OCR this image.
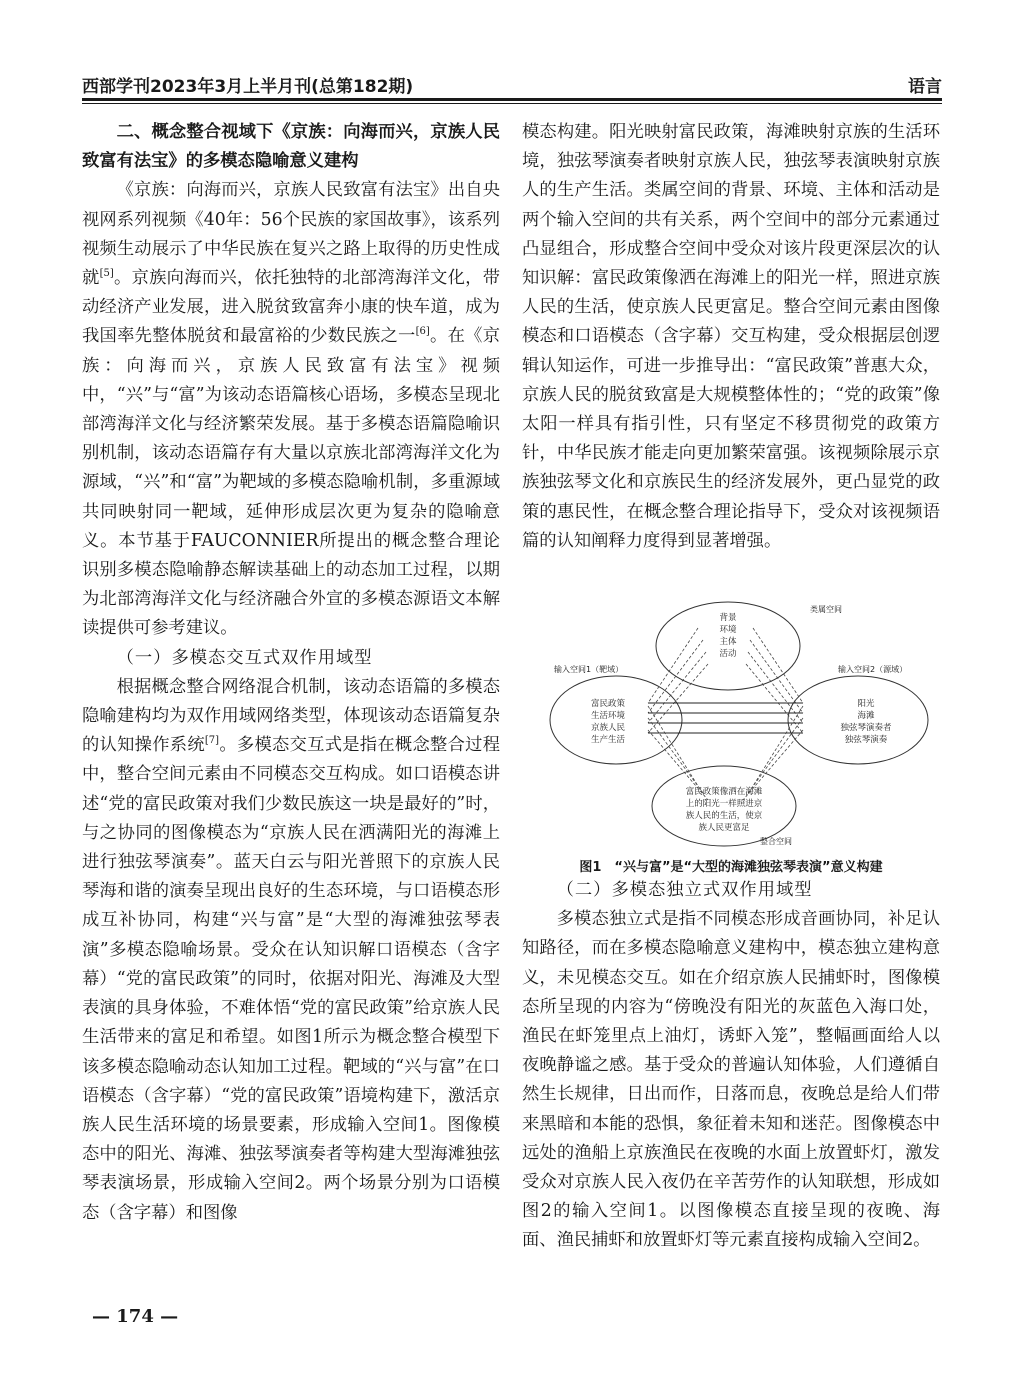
西部学刊2023年3月上半月刊(总第182期)	语言
二、概念整合视域下《京族：向海而兴，京族人民致富有法宝》的多模态隐喻意义建构

《京族：向海而兴，京族人民致富有法宝》出自央视网系列视频《40年：56个民族的家国故事》，该系列视频生动展示了中华民族在复兴之路上取得的历史性成就[5]。京族向海而兴，依托独特的北部湾海洋文化，带动经济产业发展，进入脱贫致富奔小康的快车道，成为我国率先整体脱贫和最富裕的少数民族之一[6]。在《京族：向海而兴，京族人民致富有法宝》视频中，“兴”与“富”为该动态语篇核心语场，多模态呈现北部湾海洋文化与经济繁荣发展。基于多模态语篇隐喻识别机制，该动态语篇存有大量以京族北部湾海洋文化为源域，“兴”和“富”为靶域的多模态隐喻机制，多重源域共同映射同一靶域，延伸形成层次更为复杂的隐喻意义。本节基于FAUCONNIER所提出的概念整合理论识别多模态隐喻静态解读基础上的动态加工过程，以期为北部湾海洋文化与经济融合外宣的多模态源语文本解读提供可参考建议。

（一）多模态交互式双作用域型

根据概念整合网络混合机制，该动态语篇的多模态隐喻建构均为双作用域网络类型，体现该动态语篇复杂的认知操作系统[7]。多模态交互式是指在概念整合过程中，整合空间元素由不同模态交互构成。如口语模态讲述“党的富民政策对我们少数民族这一块是最好的”时，与之协同的图像模态为“京族人民在洒满阳光的海滩上进行独弦琴演奏”。蓝天白云与阳光普照下的京族人民琴海和谐的演奏呈现出良好的生态环境，与口语模态形成互补协同，构建“兴与富”是“大型的海滩独弦琴表演”多模态隐喻场景。受众在认知识解口语模态（含字幕）“党的富民政策”的同时，依据对阳光、海滩及大型表演的具身体验，不难体悟“党的富民政策”给京族人民生活带来的富足和希望。如图1所示为概念整合模型下该多模态隐喻动态认知加工过程。靶域的“兴与富”在口语模态（含字幕）“党的富民政策”语境构建下，激活京族人民生活环境的场景要素，形成输入空间1。图像模态中的阳光、海滩、独弦琴演奏者等构建大型海滩独弦琴表演场景，形成输入空间2。两个场景分别为口语模态（含字幕）和图像

模态构建。阳光映射富民政策，海滩映射京族的生活环境，独弦琴演奏者映射京族人民，独弦琴表演映射京族人的生产生活。类属空间的背景、环境、主体和活动是两个输入空间的共有关系，两个空间中的部分元素通过凸显组合，形成整合空间中受众对该片段更深层次的认知识解：富民政策像洒在海滩上的阳光一样，照进京族人民的生活，使京族人民更富足。整合空间元素由图像模态和口语模态（含字幕）交互构建，受众根据层创逻辑认知运作，可进一步推导出：“富民政策”普惠大众，京族人民的脱贫致富是大规模整体性的；“党的政策”像太阳一样具有指引性，只有坚定不移贯彻党的政策方针，中华民族才能走向更加繁荣富强。该视频除展示京族独弦琴文化和京族民生的经济发展外，更凸显党的政策的惠民性，在概念整合理论指导下，受众对该视频语篇的认知阐释力度得到显著增强。

类属空间
背景
环境
主体
活动
输入空间1（靶域）
富民政策
生活环境
京族人民
生产生活
输入空间2（源域）
阳光
海滩
独弦琴演奏者
独弦琴演奏
富民政策像洒在海滩
上的阳光一样照进京
族人民的生活，使京
族人民更富足
整合空间
图1　“兴与富”是“大型的海滩独弦琴表演”意义构建
（二）多模态独立式双作用域型

多模态独立式是指不同模态形成音画协同，补足认知路径，而在多模态隐喻意义建构中，模态独立建构意义，未见模态交互。如在介绍京族人民捕虾时，图像模态所呈现的内容为“傍晚没有阳光的灰蓝色入海口处，渔民在虾笼里点上油灯，诱虾入笼”，整幅画面给人以夜晚静谧之感。基于受众的普遍认知体验，人们遵循自然生长规律，日出而作，日落而息，夜晚总是给人们带来黑暗和本能的恐惧，象征着未知和迷茫。图像模态中远处的渔船上京族渔民在夜晚的水面上放置虾灯，激发受众对京族人民入夜仍在辛苦劳作的认知联想，形成如图2的输入空间1。以图像模态直接呈现的夜晚、海面、渔民捕虾和放置虾灯等元素直接构成输入空间2。

— 174 —
